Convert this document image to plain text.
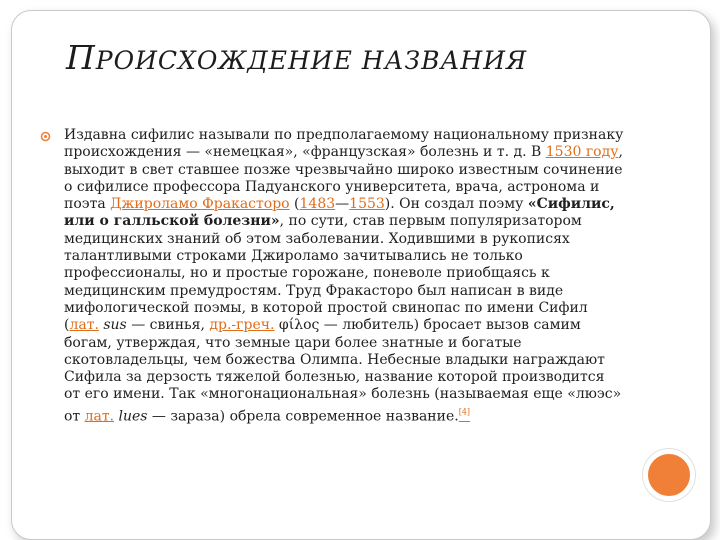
ПРОИСХОЖДЕНИЕ НАЗВАНИЯ
Издавна сифилис называли по предполагаемому национальному признаку происхождения — «немецкая», «французская» болезнь и т. д. В 1530 году, выходит в свет ставшее позже чрезвычайно широко известным сочинение о сифилисе профессора Падуанского университета, врача, астронома и поэта Джироламо Фракасторо (1483—1553). Он создал поэму «Сифилис, или о галльской болезни», по сути, став первым популяризатором медицинских знаний об этом заболевании. Ходившими в рукописях талантливыми строками Джироламо зачитывались не только профессионалы, но и простые горожане, поневоле приобщаясь к медицинским премудростям. Труд Фракасторо был написан в виде мифологической поэмы, в которой простой свинопас по имени Сифил (лат. sus — свинья, др.-греч. φίλος — любитель) бросает вызов самим богам, утверждая, что земные цари более знатные и богатые скотовладельцы, чем божества Олимпа. Небесные владыки награждают Сифила за дерзость тяжелой болезнью, название которой производится от его имени. Так «многонациональная» болезнь (называемая еще «люэс» от лат. lues — зараза) обрела современное название.[4]
